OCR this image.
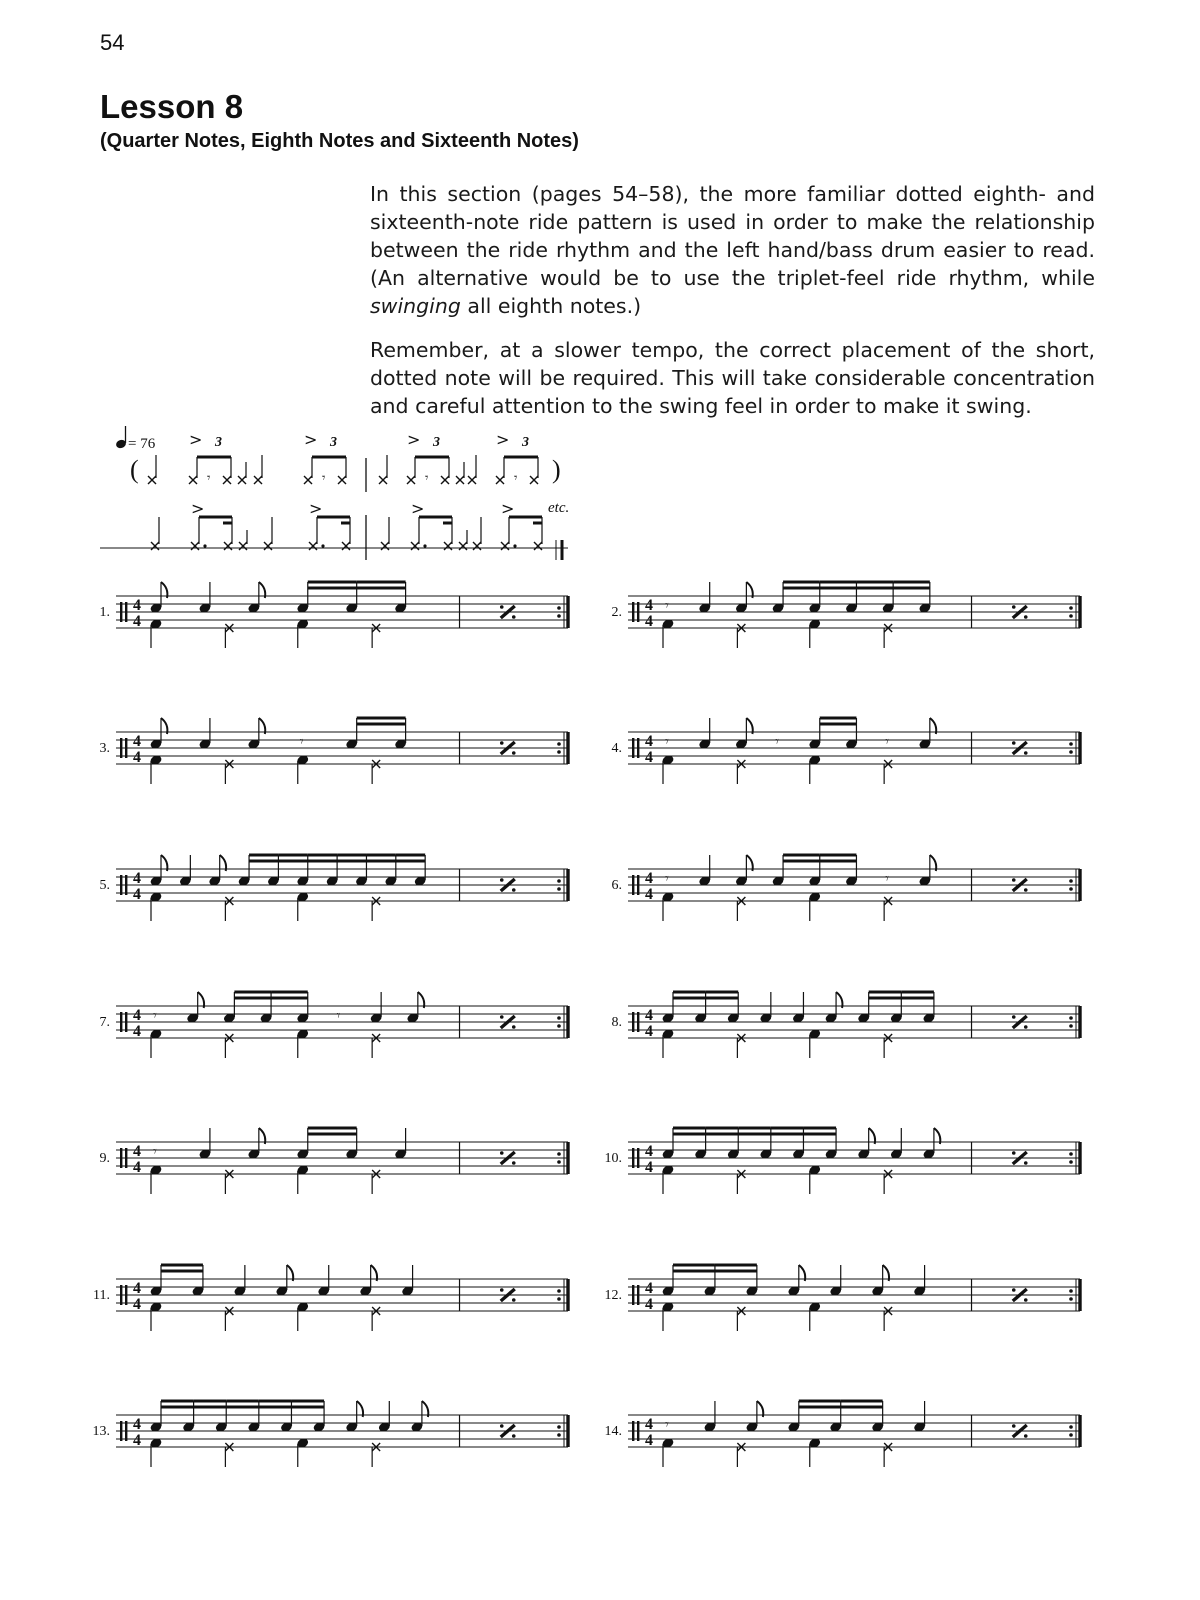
54
Lesson 8
(Quarter Notes, Eighth Notes and Sixteenth Notes)

In this section (pages 54–58), the more familiar dotted eighth- and sixteenth-note ride pattern is used in order to make the relationship between the ride rhythm and the left hand/bass drum easier to read. (An alternative would be to use the triplet-feel ride rhythm, while swinging all eighth notes.)

Remember, at a slower tempo, the correct placement of the short, dotted note will be required. This will take considerable concentration and careful attention to the swing feel in order to make it swing.

= 76
(	)
> 3
𝄾
> 3
𝄾
> 3
𝄾
> 3
𝄾
>	>	>	> etc.
1. 4
4
2. 4
4
𝄾
3. 4
4
𝄾	4. 4
4
𝄾	𝄾	𝄾
5. 4
4
6. 4
4
𝄾	𝄾
7. 4
4
𝄾	𝄾	8. 4
4
9. 4
4
𝄾	10. 4
4
11. 4
4
12. 4
4
13. 4
4
14. 4
4
𝄾
